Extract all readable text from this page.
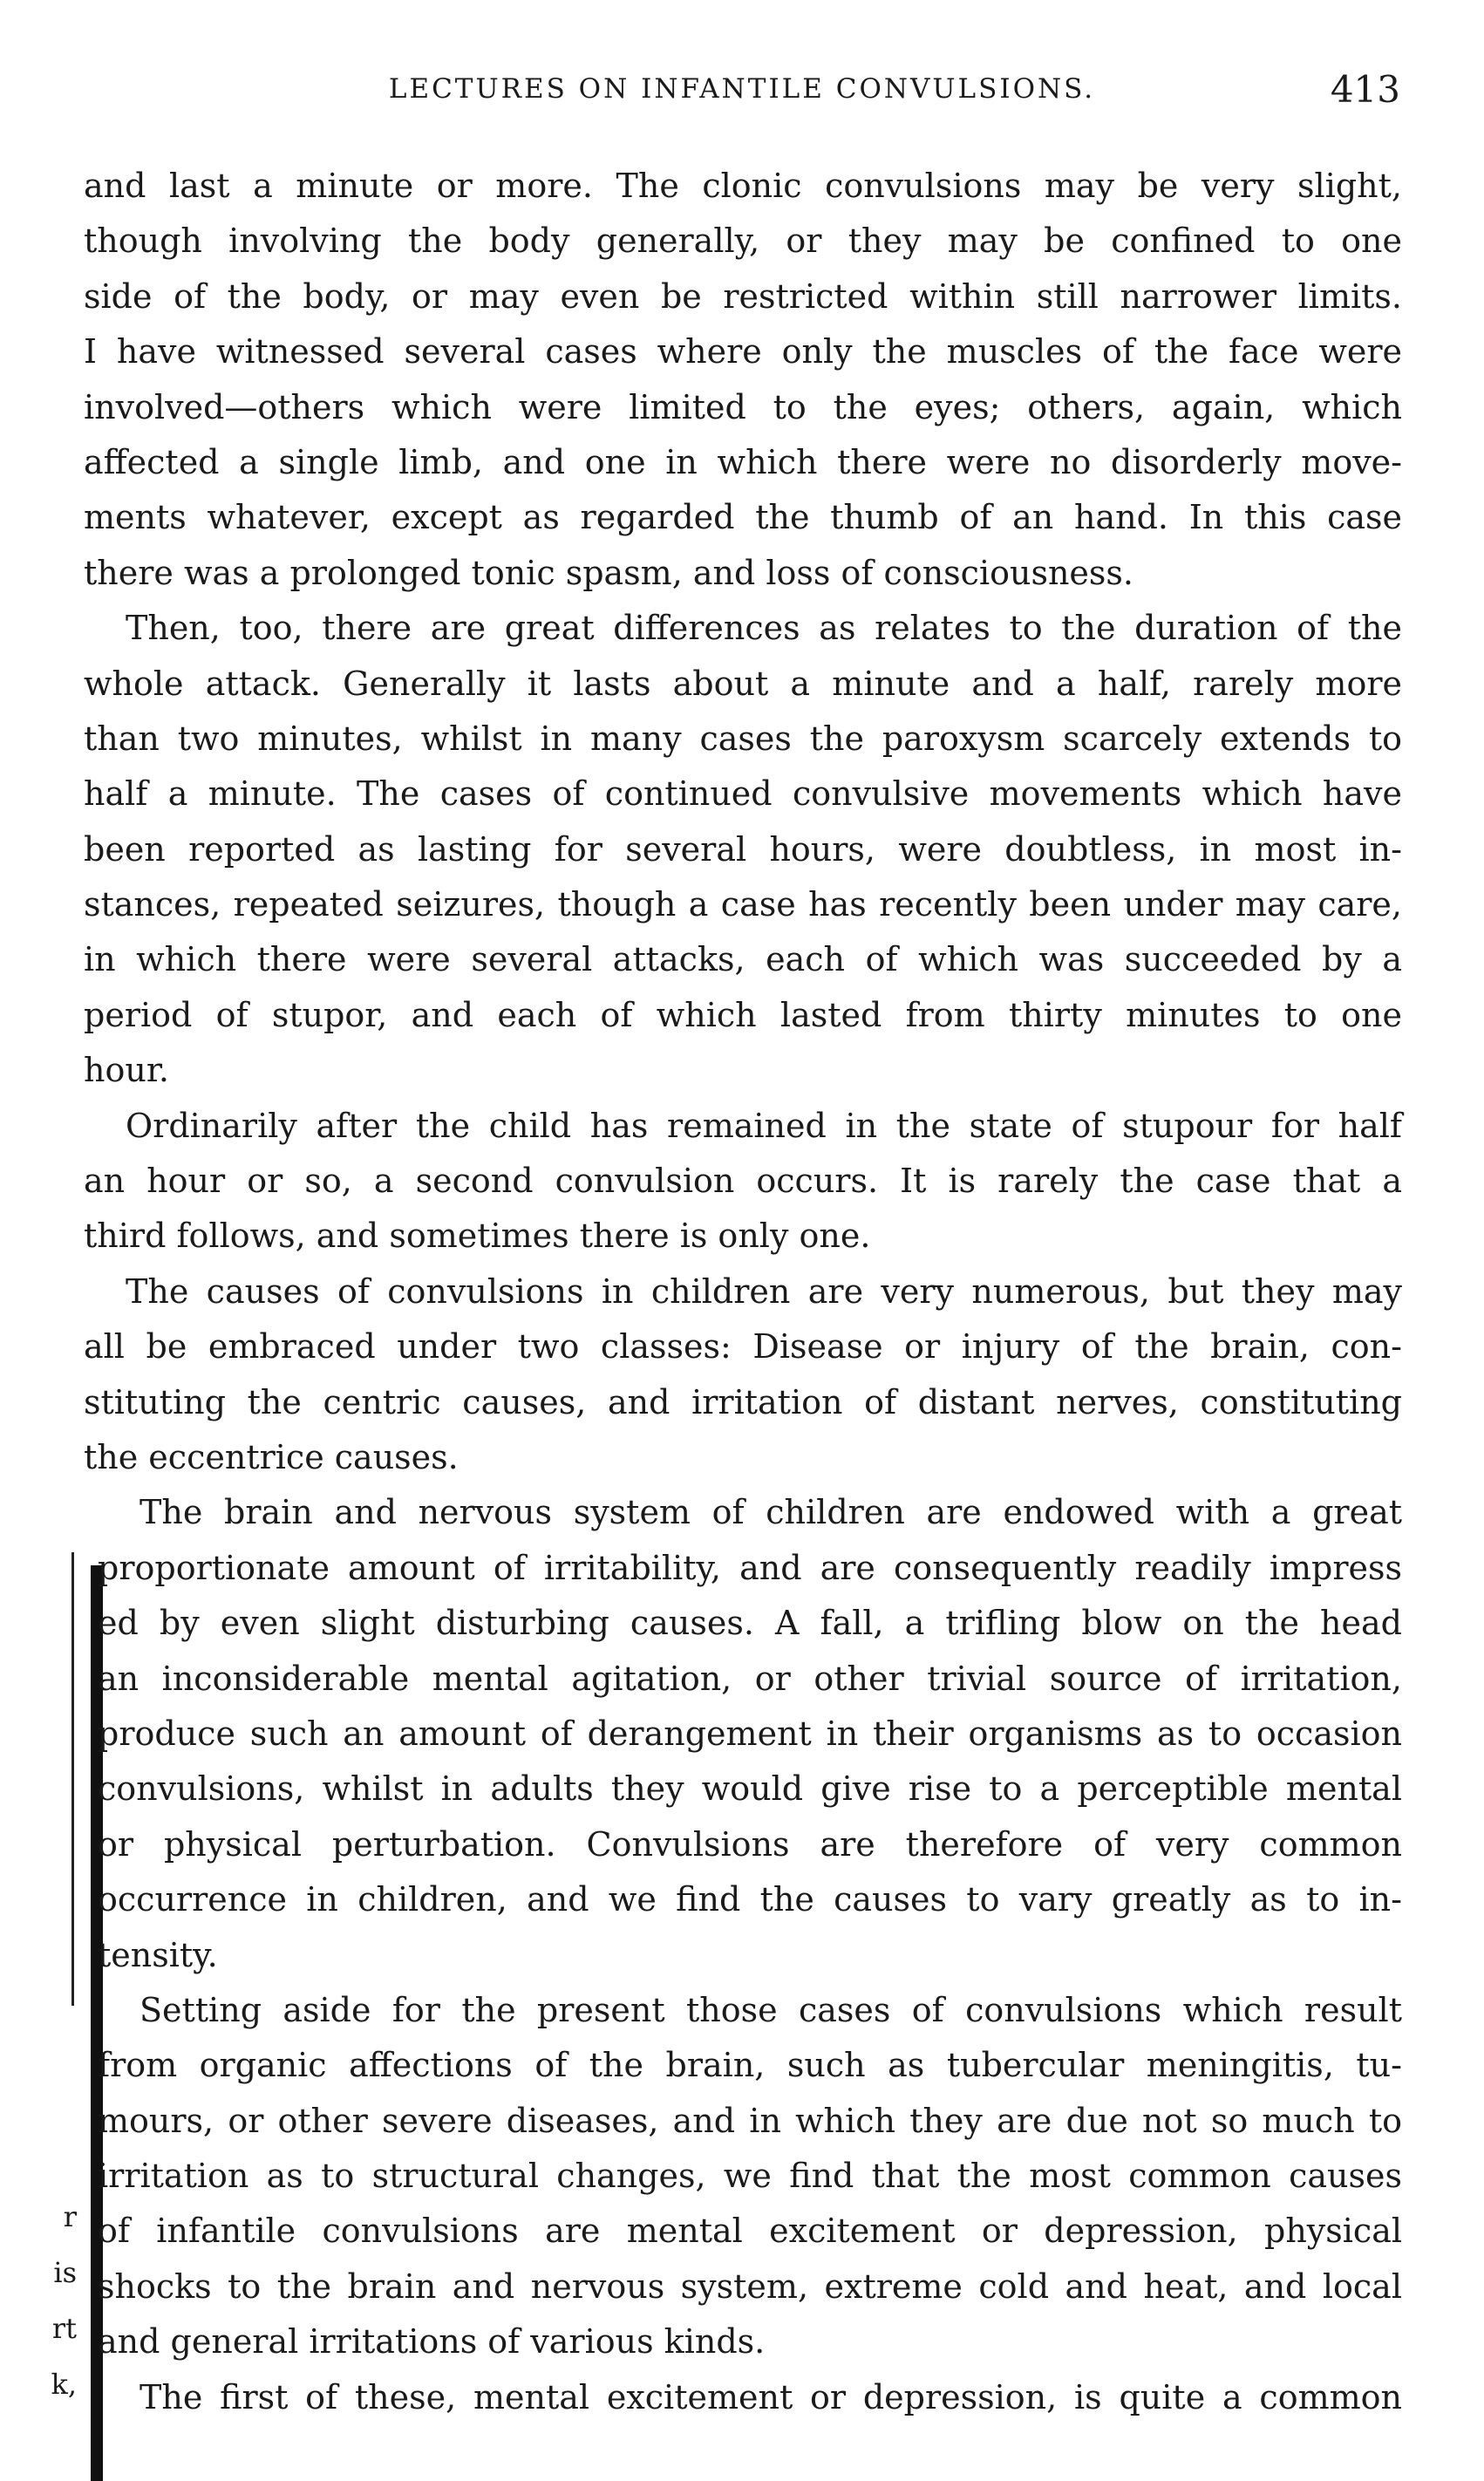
LECTURES ON INFANTILE CONVULSIONS.	413
r
is
rt
k,
and last a minute or more. The clonic convulsions may be very slight,
though involving the body generally, or they may be confined to one
side of the body, or may even be restricted within still narrower limits.
I have witnessed several cases where only the muscles of the face were
involved—others which were limited to the eyes; others, again, which
affected a single limb, and one in which there were no disorderly move-
ments whatever, except as regarded the thumb of an hand. In this case
there was a prolonged tonic spasm, and loss of consciousness.
Then, too, there are great differences as relates to the duration of the
whole attack. Generally it lasts about a minute and a half, rarely more
than two minutes, whilst in many cases the paroxysm scarcely extends to
half a minute. The cases of continued convulsive movements which have
been reported as lasting for several hours, were doubtless, in most in-
stances, repeated seizures, though a case has recently been under may care,
in which there were several attacks, each of which was succeeded by a
period of stupor, and each of which lasted from thirty minutes to one
hour.
Ordinarily after the child has remained in the state of stupour for half
an hour or so, a second convulsion occurs. It is rarely the case that a
third follows, and sometimes there is only one.
The causes of convulsions in children are very numerous, but they may
all be embraced under two classes: Disease or injury of the brain, con-
stituting the centric causes, and irritation of distant nerves, constituting
the eccentrice causes.
The brain and nervous system of children are endowed with a great
proportionate amount of irritability, and are consequently readily impress
ed by even slight disturbing causes. A fall, a trifling blow on the head
an inconsiderable mental agitation, or other trivial source of irritation,
produce such an amount of derangement in their organisms as to occasion
convulsions, whilst in adults they would give rise to a perceptible mental
or physical perturbation. Convulsions are therefore of very common
occurrence in children, and we find the causes to vary greatly as to in-
tensity.
Setting aside for the present those cases of convulsions which result
from organic affections of the brain, such as tubercular meningitis, tu-
mours, or other severe diseases, and in which they are due not so much to
irritation as to structural changes, we find that the most common causes
of infantile convulsions are mental excitement or depression, physical
shocks to the brain and nervous system, extreme cold and heat, and local
and general irritations of various kinds.
The first of these, mental excitement or depression, is quite a common
